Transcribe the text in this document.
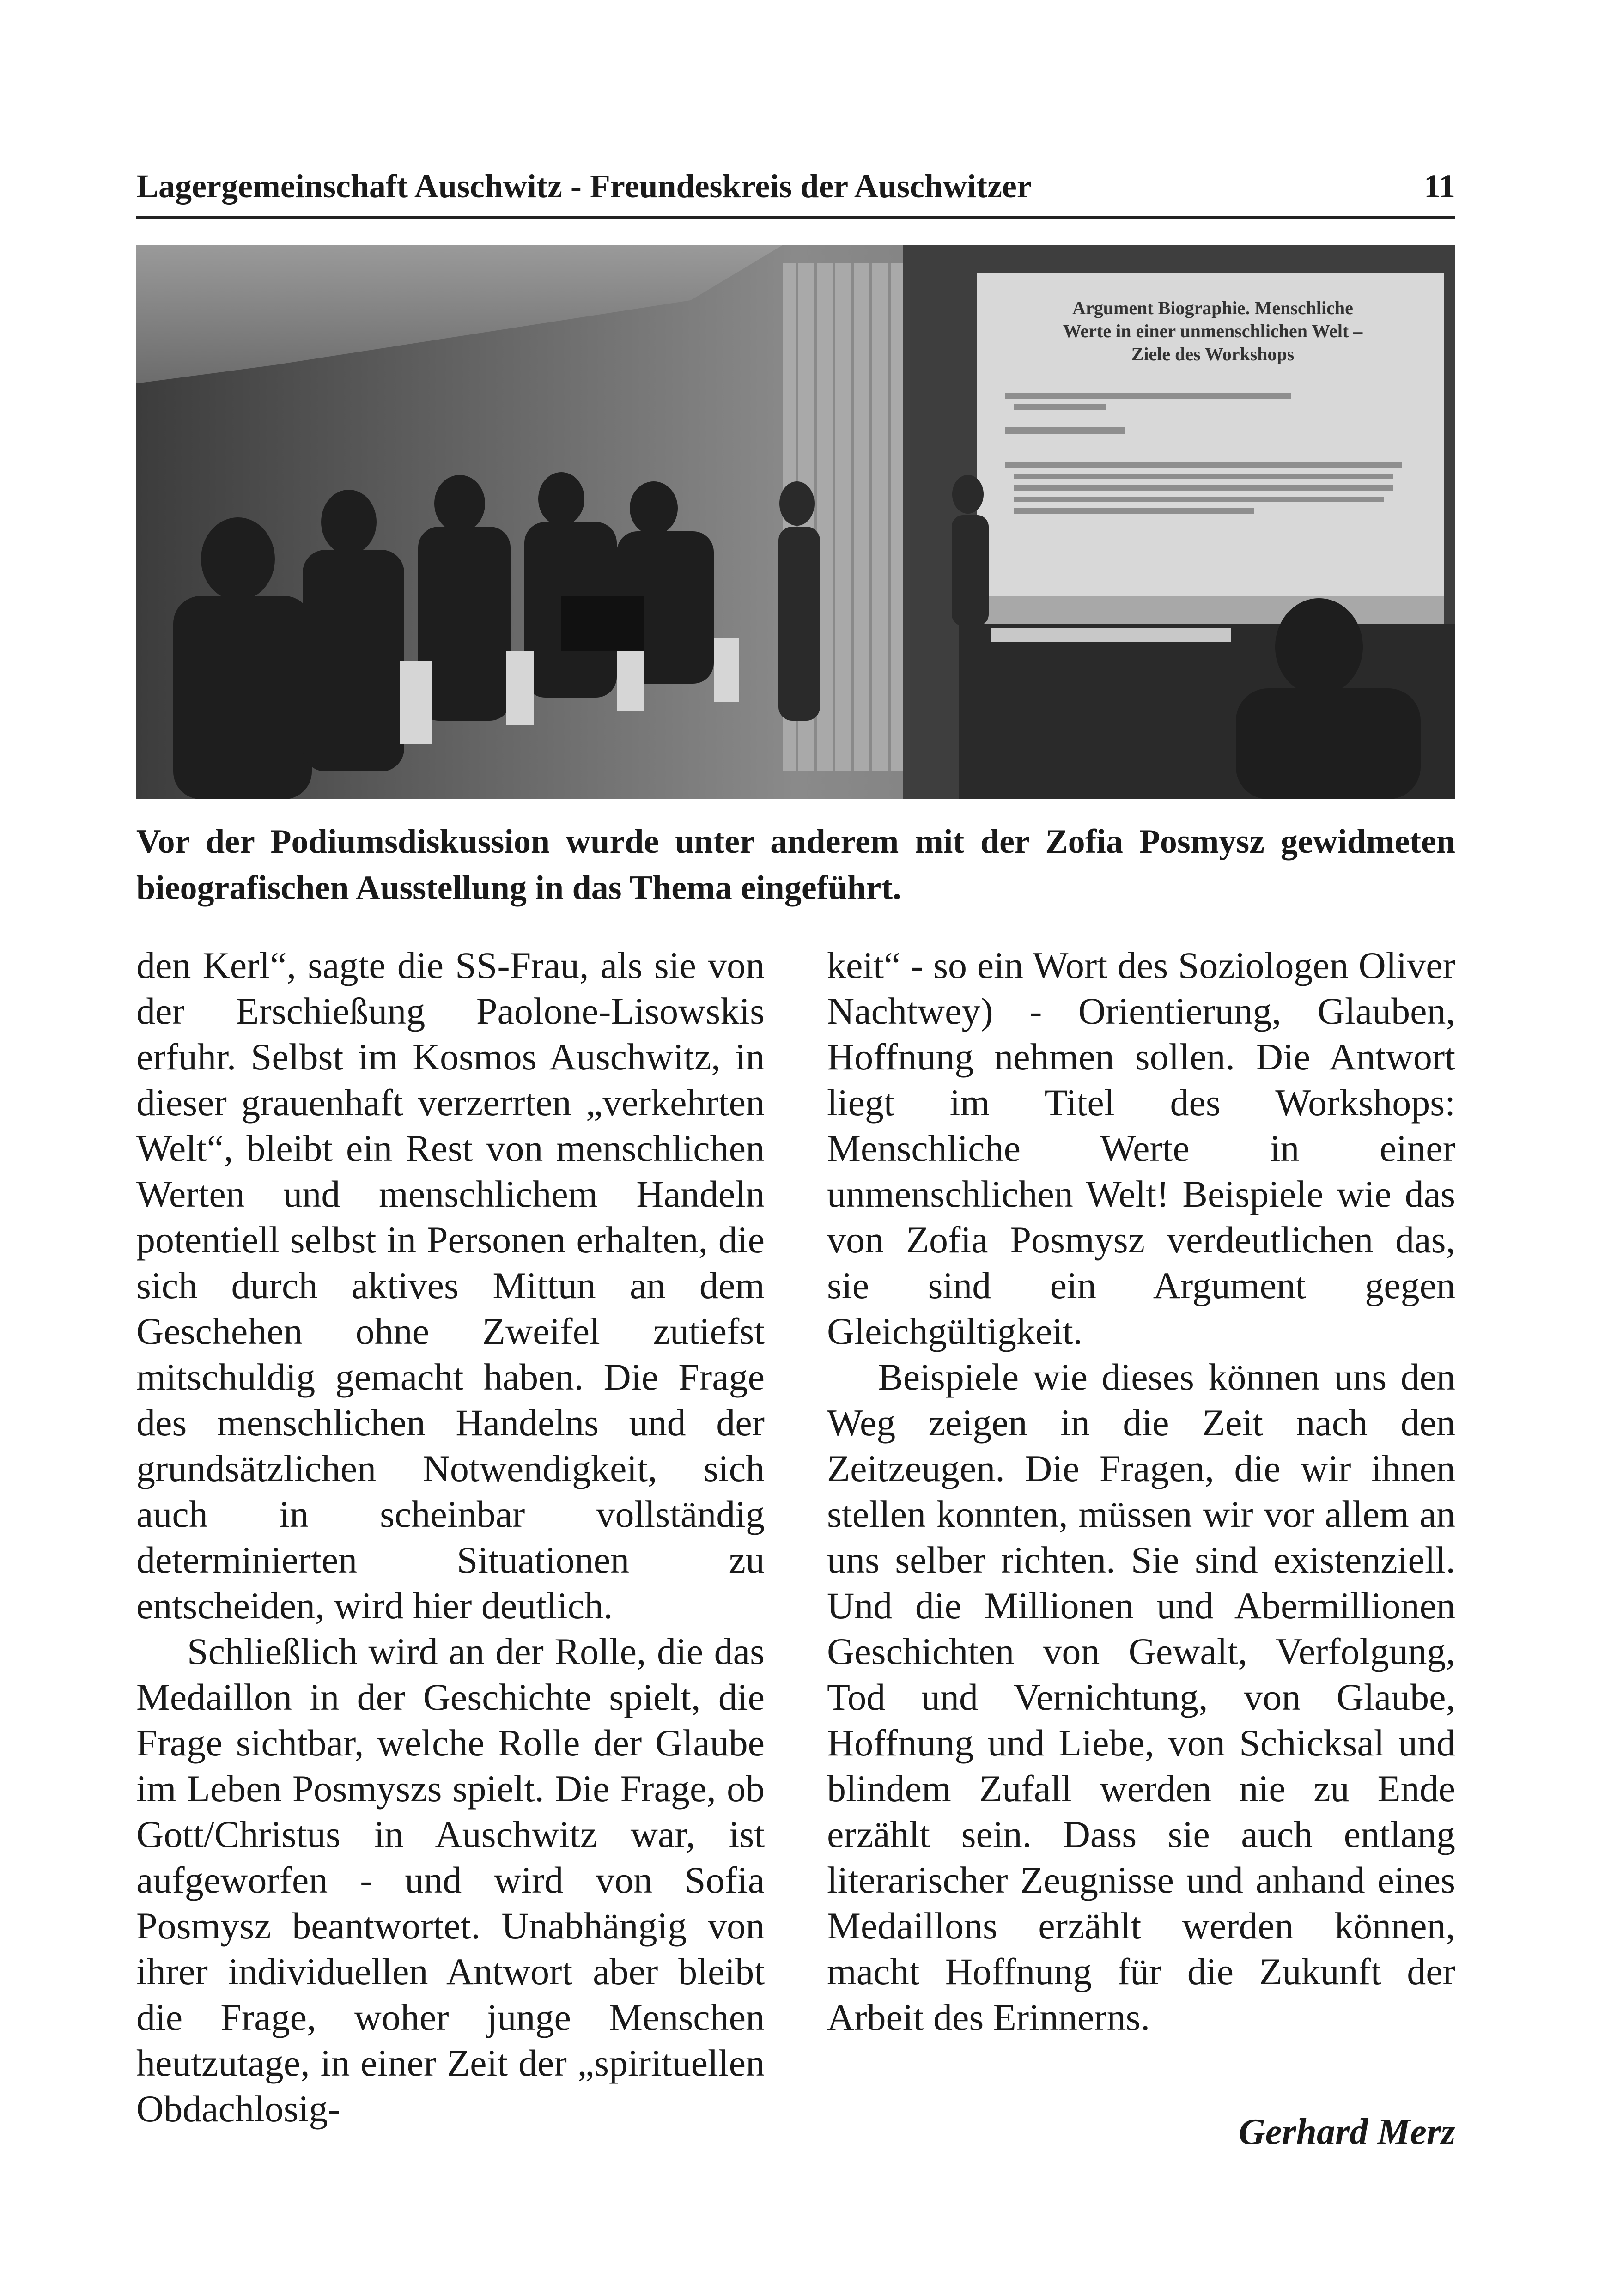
Lagergemeinschaft Auschwitz - Freundeskreis der Auschwitzer	11
Argument Biographie. Menschliche
Werte in einer unmenschlichen Welt –
Ziele des Workshops
Vor der Podiumsdiskussion wurde unter anderem mit der Zofia Posmysz gewidmeten bieografischen Ausstellung in das Thema eingeführt.

den Kerl“, sagte die SS-Frau, als sie von der Erschießung Paolone-Lisowskis erfuhr. Selbst im Kosmos Auschwitz, in dieser grauenhaft verzerrten „verkehrten Welt“, bleibt ein Rest von menschlichen Werten und menschlichem Handeln potentiell selbst in Personen erhalten, die sich durch aktives Mittun an dem Geschehen ohne Zweifel zutiefst mitschuldig gemacht haben. Die Frage des menschlichen Handelns und der grundsätzlichen Notwendigkeit, sich auch in scheinbar vollständig determinierten Situationen zu entscheiden, wird hier deutlich.

Schließlich wird an der Rolle, die das Medaillon in der Geschichte spielt, die Frage sichtbar, welche Rolle der Glaube im Leben Posmyszs spielt. Die Frage, ob Gott/Christus in Auschwitz war, ist aufgeworfen - und wird von Sofia Posmysz beantwortet. Unabhängig von ihrer individuellen Antwort aber bleibt die Frage, woher junge Menschen heutzutage, in einer Zeit der „spirituellen Obdachlosig-

keit“ - so ein Wort des Soziologen Oliver Nachtwey) - Orientierung, Glauben, Hoffnung nehmen sollen. Die Antwort liegt im Titel des Workshops: Menschliche Werte in einer unmenschlichen Welt! Beispiele wie das von Zofia Posmysz verdeutlichen das, sie sind ein Argument gegen Gleichgültigkeit.

Beispiele wie dieses können uns den Weg zeigen in die Zeit nach den Zeitzeugen. Die Fragen, die wir ihnen stellen konnten, müssen wir vor allem an uns selber richten. Sie sind existenziell. Und die Millionen und Abermillionen Geschichten von Gewalt, Verfolgung, Tod und Vernichtung, von Glaube, Hoffnung und Liebe, von Schicksal und blindem Zufall werden nie zu Ende erzählt sein. Dass sie auch entlang literarischer Zeugnisse und anhand eines Medaillons erzählt werden können, macht Hoffnung für die Zukunft der Arbeit des Erinnerns.

Gerhard Merz
